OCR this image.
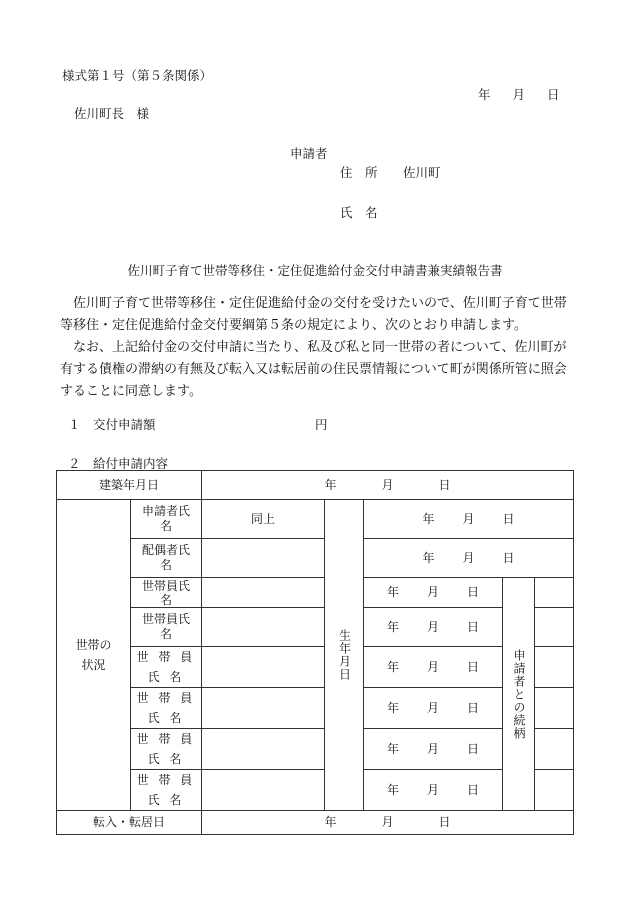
様式第１号（第５条関係）
年 月 日
佐川町長　様
申請者
住　所 佐川町
氏　名
佐川町子育て世帯等移住・定住促進給付金交付申請書兼実績報告書
佐川町子育て世帯等移住・定住促進給付金の交付を受けたいので、佐川町子育て世帯等移住・定住促進給付金交付要綱第５条の規定により、次のとおり申請します。
なお、上記給付金の交付申請に当たり、私及び私と同一世帯の者について、佐川町が有する債権の滞納の有無及び転入又は転居前の住民票情報について町が関係所管に照会することに同意します。
１　交付申請額	円
２　給付申請内容
建築年月日		年 月 日				

世帯の状況	申請者氏名	同上	生年月日	年 月 日		

	配偶者氏名			年 月 日		

	世帯員氏名			年 月 日	申請者との続柄	

	世帯員氏名			年 月 日		

	世 帯 員 氏 名			年 月 日		

	世 帯 員 氏 名			年 月 日		

	世 帯 員 氏 名			年 月 日		

	世 帯 員 氏 名			年 月 日		
転入・転居日		年 月 日				
